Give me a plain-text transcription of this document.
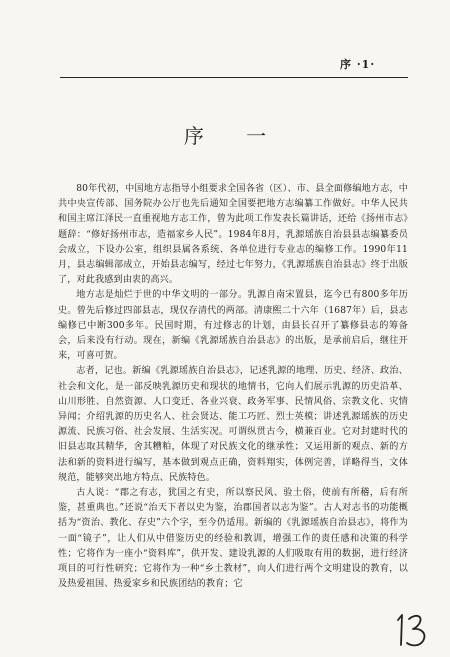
序 ·1·
序 一

80年代初，中国地方志指导小组要求全国各省（区）、市、县全面修编地方志，中共中央宣传部、国务院办公厅也先后通知全国要把地方志编纂工作做好。中华人民共和国主席江泽民一直重视地方志工作，曾为此项工作发表长篇讲话，还给《扬州市志》题辞：“修好扬州市志，造福家乡人民”。1984年8月，乳源瑶族自治县县志编纂委员会成立，下设办公室，组织县属各系统、各单位进行专业志的编修工作。1990年11月，县志编辑部成立，开始县志编写，经过七年努力，《乳源瑶族自治县志》终于出版了，对此我感到由衷的高兴。

地方志是灿烂于世的中华文明的一部分。乳源自南宋置县，迄今已有800多年历史。曾先后修过四部县志，现仅存清代的两部。清康熙二十六年（1687年）后，县志编修已中断300多年。民国时期，有过修志的计划，由县长召开了纂修县志的筹备会，后来没有行动。现在，新编《乳源瑶族自治县志》的出版，是承前启后，继往开来，可喜可贺。

志者，记也。新编《乳源瑶族自治县志》，记述乳源的地理、历史、经济、政治、社会和文化，是一部反映乳源历史和现状的地情书，它向人们展示乳源的历史沿革、山川形胜、自然资源、人口变迁、各业兴衰、政务军事、民情风俗、宗教文化、灾情异闻；介绍乳源的历史名人、社会贤达、能工巧匠、烈士英模；讲述乳源瑶族的历史源流、民族习俗、社会发展、生活实况。可谓纵贯古今，横兼百业。它对封建时代的旧县志取其精华，舍其糟粕，体现了对民族文化的继承性；又运用新的观点、新的方法和新的资料进行编写，基本做到观点正确，资料翔实，体例完善，详略得当，文体规范，能够突出地方特点、民族特色。

古人说：“郡之有志，犹国之有史，所以察民风、验土俗，使前有所稽，后有所鉴，甚重典也。”还说“治天下者以史为鉴，治郡国者以志为鉴”。古人对志书的功能概括为“资治、教化、存史”六个字，至今仍适用。新编的《乳源瑶族自治县志》，将作为一面“镜子”，让人们从中借鉴历史的经验和教训，增强工作的责任感和决策的科学性；它将作为一座小“资料库”，供开发、建设乳源的人们吸取有用的数据，进行经济项目的可行性研究；它将作为一种“乡土教材”，向人们进行两个文明建设的教育，以及热爱祖国、热爱家乡和民族团结的教育；它
